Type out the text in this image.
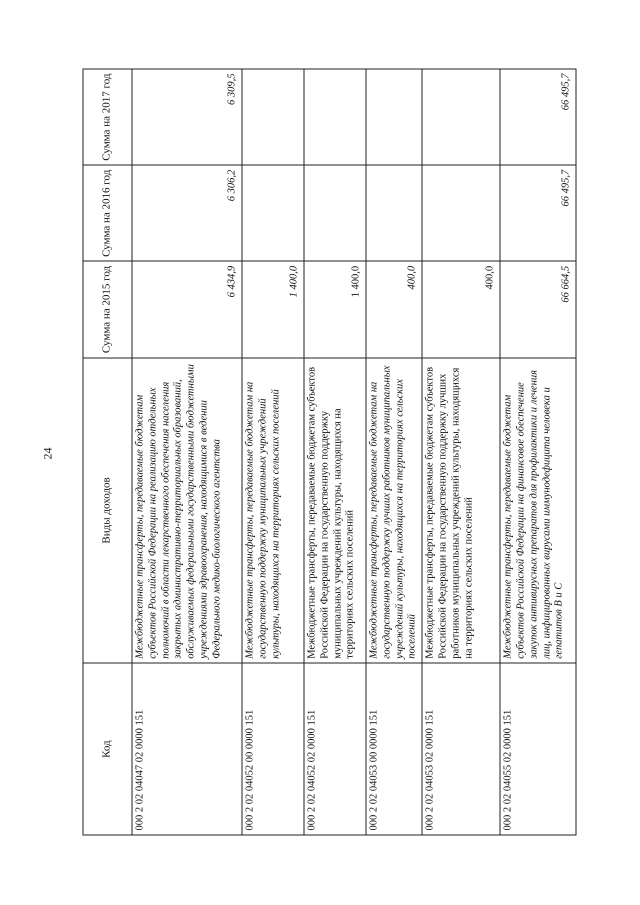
24
Код	Виды доходов	Сумма на 2015 год	Сумма на 2016 год	Сумма на 2017 год
000 2 02 04047 02 0000 151	Межбюджетные трансферты, передаваемые бюджетам субъектов Российской Федерации на реализацию отдельных полномочий в области лекарственного обеспечения населения закрытых административно-территориальных образований, обслуживаемых федеральными государственными бюджетными учреждениями здравоохранения, находящимися в ведении Федерального медико-биологического агентства	6 434,9	6 306,2	6 309,5
000 2 02 04052 00 0000 151	Межбюджетные трансферты, передаваемые бюджетам на государственную поддержку муниципальных учреждений культуры, находящихся на территориях сельских поселений	1 400,0		
000 2 02 04052 02 0000 151	Межбюджетные трансферты, передаваемые бюджетам субъектов Российской Федерации на государственную поддержку муниципальных учреждений культуры, находящихся на территориях сельских поселений	1 400,0		
000 2 02 04053 00 0000 151	Межбюджетные трансферты, передаваемые бюджетам на государственную поддержку лучших работников муниципальных учреждений культуры, находящихся на территориях сельских поселений	400,0		
000 2 02 04053 02 0000 151	Межбюджетные трансферты, передаваемые бюджетам субъектов Российской Федерации на государственную поддержку лучших работников муниципальных учреждений культуры, находящихся на территориях сельских поселений	400,0		
000 2 02 04055 02 0000 151	Межбюджетные трансферты, передаваемые бюджетам субъектов Российской Федерации на финансовое обеспечение закупок антивирусных препаратов для профилактики и лечения лиц, инфицированных вирусами иммунодефицита человека и гепатитов В и С	66 664,5	66 495,7	66 495,7
